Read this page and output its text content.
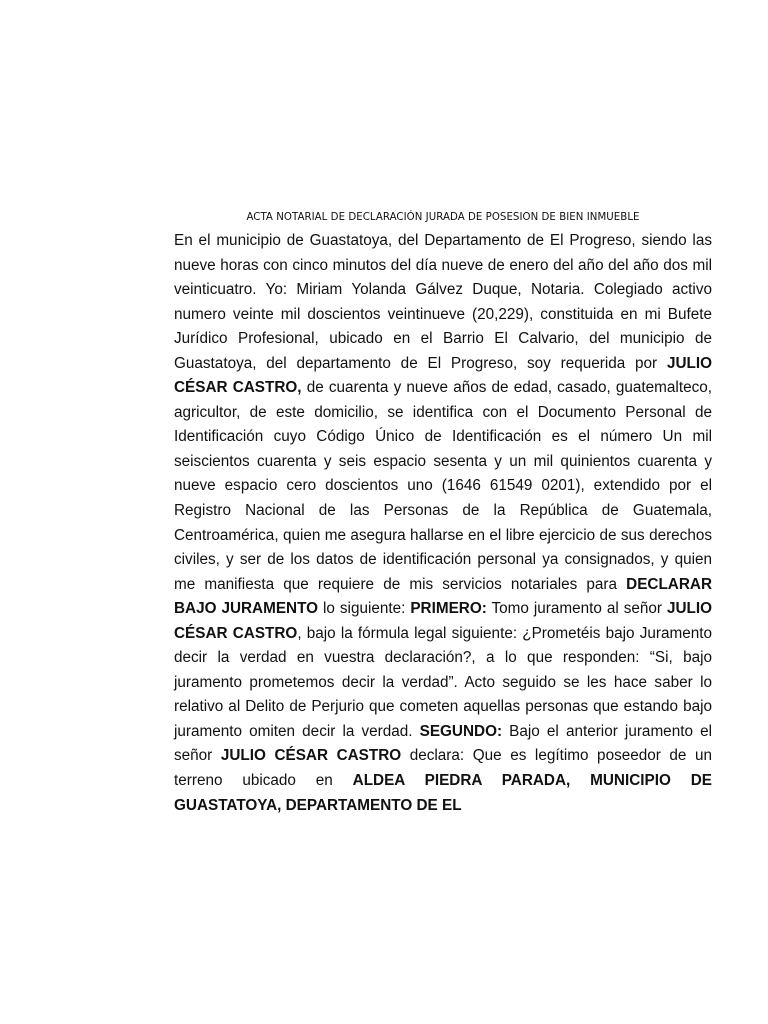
ACTA NOTARIAL DE DECLARACIÓN JURADA DE POSESION DE BIEN INMUEBLE

En el municipio de Guastatoya, del Departamento de El Progreso, siendo las nueve horas con cinco minutos del día nueve de enero del año del año dos mil veinticuatro. Yo: Miriam Yolanda Gálvez Duque, Notaria. Colegiado activo numero veinte mil doscientos veintinueve (20,229), constituida en mi Bufete Jurídico Profesional, ubicado en el Barrio El Calvario, del municipio de Guastatoya, del departamento de El Progreso, soy requerida por JULIO CÉSAR CASTRO, de cuarenta y nueve años de edad, casado, guatemalteco, agricultor, de este domicilio, se identifica con el Documento Personal de Identificación cuyo Código Único de Identificación es el número Un mil seiscientos cuarenta y seis espacio sesenta y un mil quinientos cuarenta y nueve espacio cero doscientos uno (1646 61549 0201), extendido por el Registro Nacional de las Personas de la República de Guatemala, Centroamérica, quien me asegura hallarse en el libre ejercicio de sus derechos civiles, y ser de los datos de identificación personal ya consignados, y quien me manifiesta que requiere de mis servicios notariales para DECLARAR BAJO JURAMENTO lo siguiente: PRIMERO: Tomo juramento al señor JULIO CÉSAR CASTRO, bajo la fórmula legal siguiente: ¿Prometéis bajo Juramento decir la verdad en vuestra declaración?, a lo que responden: “Si, bajo juramento prometemos decir la verdad”. Acto seguido se les hace saber lo relativo al Delito de Perjurio que cometen aquellas personas que estando bajo juramento omiten decir la verdad. SEGUNDO: Bajo el anterior juramento el señor JULIO CÉSAR CASTRO declara: Que es legítimo poseedor de un terreno ubicado en ALDEA PIEDRA PARADA, MUNICIPIO DE GUASTATOYA, DEPARTAMENTO DE EL
